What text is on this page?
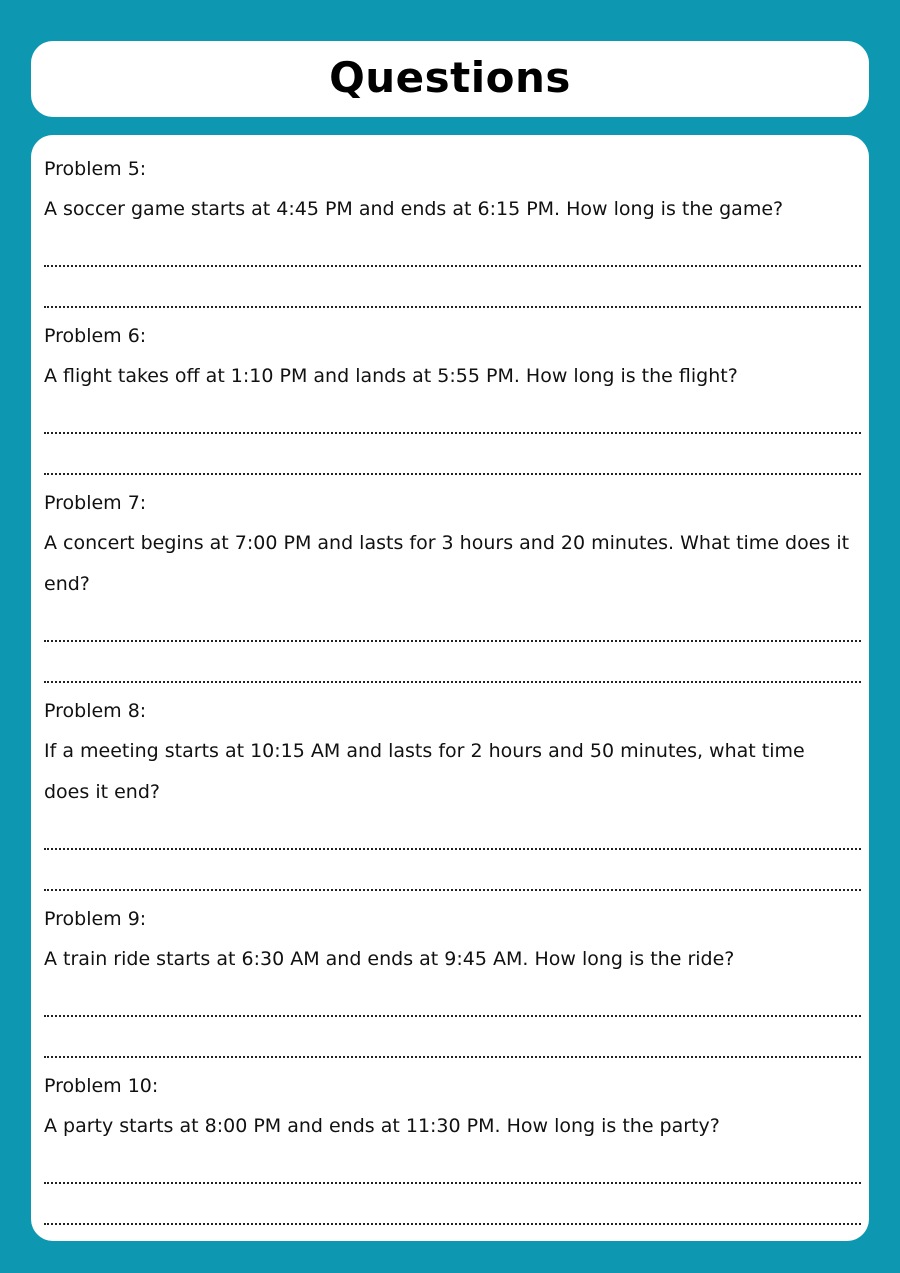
Questions
Problem 5:
A soccer game starts at 4:45 PM and ends at 6:15 PM. How long is the game?
Problem 6:
A flight takes off at 1:10 PM and lands at 5:55 PM. How long is the flight?
Problem 7:
A concert begins at 7:00 PM and lasts for 3 hours and 20 minutes. What time does it end?
Problem 8:
If a meeting starts at 10:15 AM and lasts for 2 hours and 50 minutes, what time does it end?
Problem 9:
A train ride starts at 6:30 AM and ends at 9:45 AM. How long is the ride?
Problem 10:
A party starts at 8:00 PM and ends at 11:30 PM. How long is the party?
